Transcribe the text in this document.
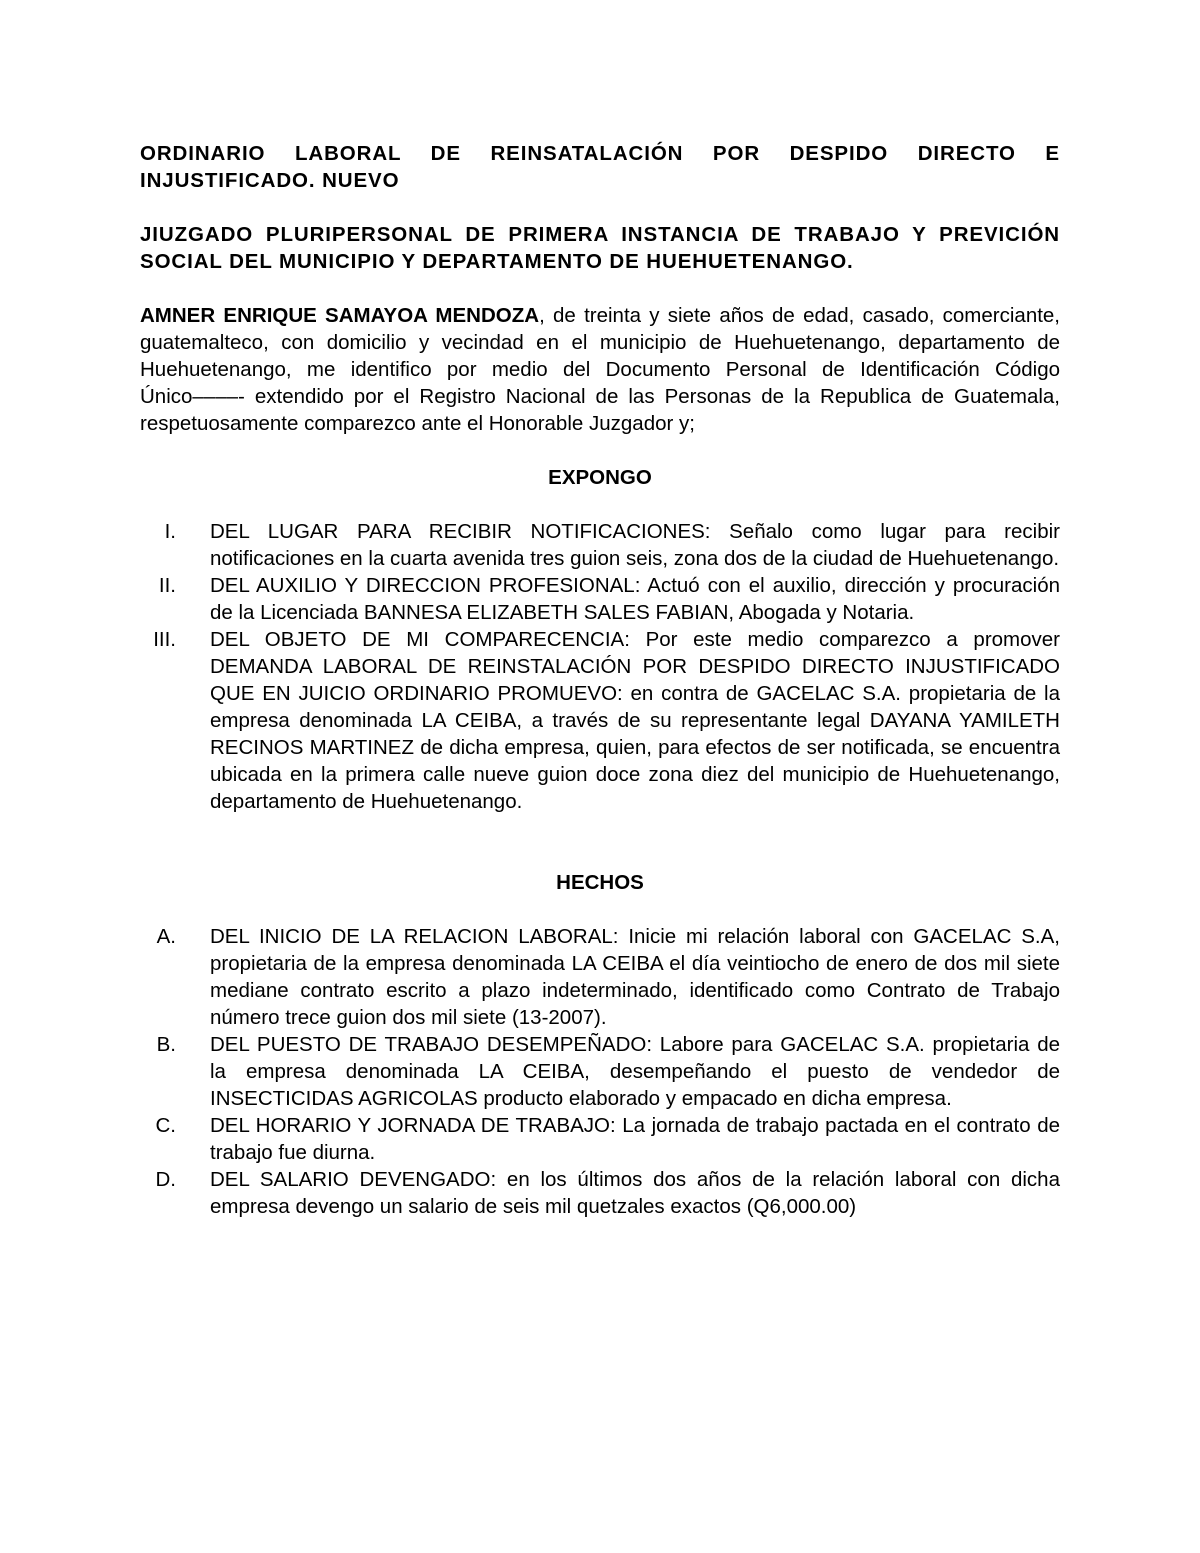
ORDINARIO LABORAL DE REINSATALACIÓN POR DESPIDO DIRECTO E INJUSTIFICADO. NUEVO

JIUZGADO PLURIPERSONAL DE PRIMERA INSTANCIA DE TRABAJO Y PREVICIÓN SOCIAL DEL MUNICIPIO Y DEPARTAMENTO DE HUEHUETENANGO.

AMNER ENRIQUE SAMAYOA MENDOZA, de treinta y siete años de edad, casado, comerciante, guatemalteco, con domicilio y vecindad en el municipio de Huehuetenango, departamento de Huehuetenango, me identifico por medio del Documento Personal de Identificación Código Único––––- extendido por el Registro Nacional de las Personas de la Republica de Guatemala, respetuosamente comparezco ante el Honorable Juzgador y;

EXPONGO

I. DEL LUGAR PARA RECIBIR NOTIFICACIONES: Señalo como lugar para recibir notificaciones en la cuarta avenida tres guion seis, zona dos de la ciudad de Huehuetenango.
II. DEL AUXILIO Y DIRECCION PROFESIONAL: Actuó con el auxilio, dirección y procuración de la Licenciada BANNESA ELIZABETH SALES FABIAN, Abogada y Notaria.
III. DEL OBJETO DE MI COMPARECENCIA: Por este medio comparezco a promover DEMANDA LABORAL DE REINSTALACIÓN POR DESPIDO DIRECTO INJUSTIFICADO QUE EN JUICIO ORDINARIO PROMUEVO: en contra de GACELAC S.A. propietaria de la empresa denominada LA CEIBA, a través de su representante legal DAYANA YAMILETH RECINOS MARTINEZ de dicha empresa, quien, para efectos de ser notificada, se encuentra ubicada en la primera calle nueve guion doce zona diez del municipio de Huehuetenango, departamento de Huehuetenango.

HECHOS

A. DEL INICIO DE LA RELACION LABORAL: Inicie mi relación laboral con GACELAC S.A, propietaria de la empresa denominada LA CEIBA el día veintiocho de enero de dos mil siete mediane contrato escrito a plazo indeterminado, identificado como Contrato de Trabajo número trece guion dos mil siete (13-2007).
B. DEL PUESTO DE TRABAJO DESEMPEÑADO: Labore para GACELAC S.A. propietaria de la empresa denominada LA CEIBA, desempeñando el puesto de vendedor de INSECTICIDAS AGRICOLAS producto elaborado y empacado en dicha empresa.
C. DEL HORARIO Y JORNADA DE TRABAJO: La jornada de trabajo pactada en el contrato de trabajo fue diurna.
D. DEL SALARIO DEVENGADO: en los últimos dos años de la relación laboral con dicha empresa devengo un salario de seis mil quetzales exactos (Q6,000.00)
